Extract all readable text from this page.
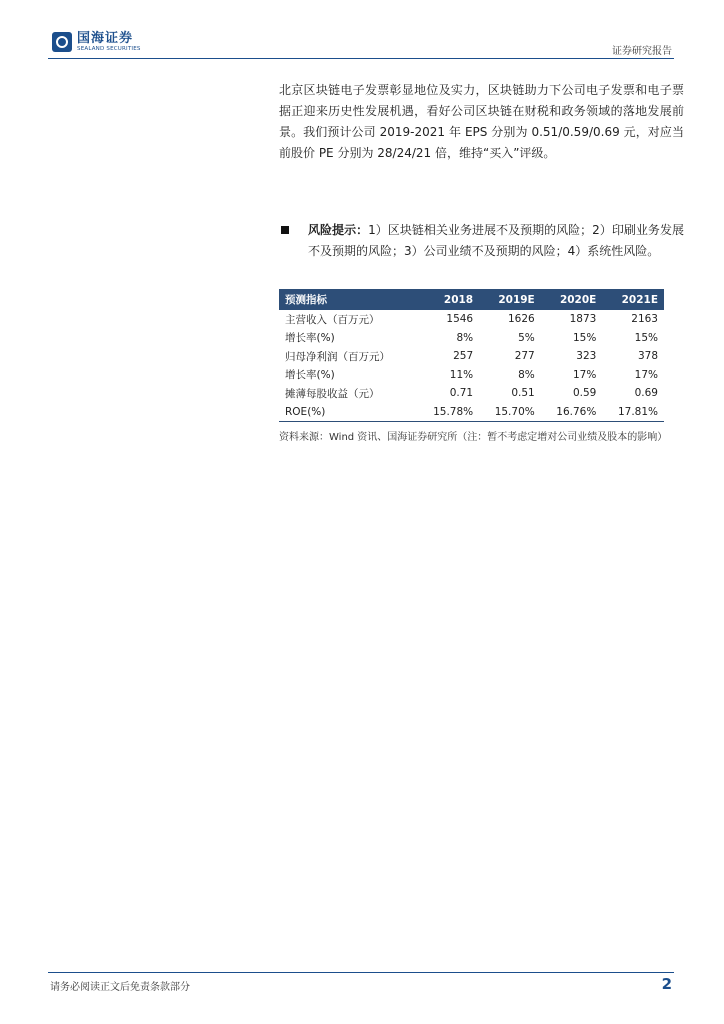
国海证券
SEALAND SECURITIES	证券研究报告
北京区块链电子发票彰显地位及实力，区块链助力下公司电子发票和电子票据正迎来历史性发展机遇，看好公司区块链在财税和政务领域的落地发展前景。我们预计公司 2019-2021 年 EPS 分别为 0.51/0.59/0.69 元，对应当前股价 PE 分别为 28/24/21 倍，维持“买入”评级。
风险提示：1）区块链相关业务进展不及预期的风险；2）印刷业务发展不及预期的风险；3）公司业绩不及预期的风险；4）系统性风险。
预测指标	2018	2019E	2020E	2021E
主营收入（百万元）	1546	1626	1873	2163
增长率(%)	8%	5%	15%	15%
归母净利润（百万元）	257	277	323	378
增长率(%)	11%	8%	17%	17%
摊薄每股收益（元）	0.71	0.51	0.59	0.69
ROE(%)	15.78%	15.70%	16.76%	17.81%
资料来源：Wind 资讯、国海证券研究所（注：暂不考虑定增对公司业绩及股本的影响）
请务必阅读正文后免责条款部分	2
